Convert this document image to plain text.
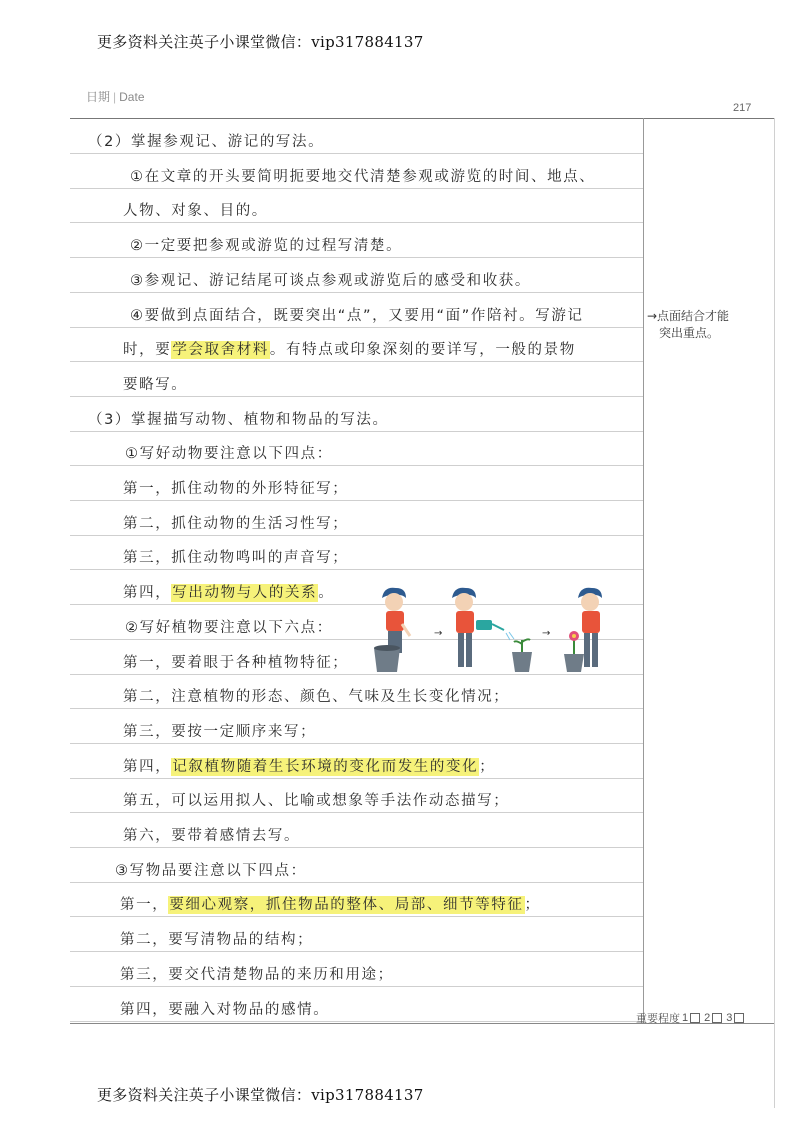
更多资料关注英子小课堂微信：vip317884137
日期 | Date
217
（2）掌握参观记、游记的写法。
①在文章的开头要简明扼要地交代清楚参观或游览的时间、地点、
人物、对象、目的。
②一定要把参观或游览的过程写清楚。
③参观记、游记结尾可谈点参观或游览后的感受和收获。
④要做到点面结合，既要突出“点”，又要用“面”作陪衬。写游记
时，要学会取舍材料。有特点或印象深刻的要详写，一般的景物
要略写。
（3）掌握描写动物、植物和物品的写法。
①写好动物要注意以下四点：
第一，抓住动物的外形特征写；
第二，抓住动物的生活习性写；
第三，抓住动物鸣叫的声音写；
第四，写出动物与人的关系。
②写好植物要注意以下六点：
第一，要着眼于各种植物特征；
第二，注意植物的形态、颜色、气味及生长变化情况；
第三，要按一定顺序来写；
第四，记叙植物随着生长环境的变化而发生的变化；
第五，可以运用拟人、比喻或想象等手法作动态描写；
第六，要带着感情去写。
③写物品要注意以下四点：
第一，要细心观察，抓住物品的整体、局部、细节等特征；
第二，要写清物品的结构；
第三，要交代清楚物品的来历和用途；
第四，要融入对物品的感情。
→点面结合才能
突出重点。
→	→
重要程度 1 2 3
更多资料关注英子小课堂微信：vip317884137
